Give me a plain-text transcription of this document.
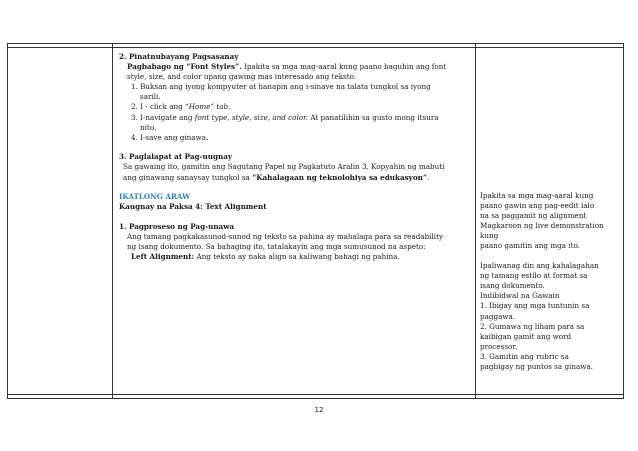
2. Pinatnubayang Pagsasanay
Pagbabago ng “Font Styles”. Ipakita sa mga mag-aaral kung paano baguhin ang font
style, size, and color upang gawing mas interesado ang teksto.
1. Buksan ang iyong kompyuter at hanapin ang i-sinave na talata tungkol sa iyong
sarili.
2. I - click ang “Home” tab.
3. I-navigate ang font type, style, size, and color. At panatilihin sa gusto mong itsura
nito.
4. I-save ang ginawa.
3. Paglalapat at Pag-uugnay
Sa gawaing ito, gamitin ang Sagutang Papel ng Pagkatuto Aralin 3. Kopyahin ng mabuti
ang ginawang sanaysay tungkol sa “Kahalagaan ng teknolohiya sa edukasyon”.
IKATLONG ARAW
Kaugnay na Paksa 4: Text Alignment
1. Pagproseso ng Pag-unawa
Ang tamang pagkakasunod-sunod ng teksto sa pahina ay mahalaga para sa readability
ng isang dokumento. Sa bahaging ito, tatalakayin ang mga sumusunod na aspeto:
Left Alignment: Ang teksto ay naka align sa kaliwang bahagi ng pahina.
Ipakita sa mga mag-aaral kung
paano gawin ang pag-eedit lalo
na sa paggamit ng alignment
Magkaroon ng live demonstration
kung
paano gamitin ang mga ito.
Ipaliwanag din ang kahalagahan
ng tamang estilo at format sa
isang dokumento.
Indibidwal na Gawain
1. Ibigay ang mga tuntunin sa
paggawa.
2. Gumawa ng liham para sa
kaibigan gamit ang word
processor.
3. Gamitin ang rubric sa
pagbigay ng puntos sa ginawa.
12
